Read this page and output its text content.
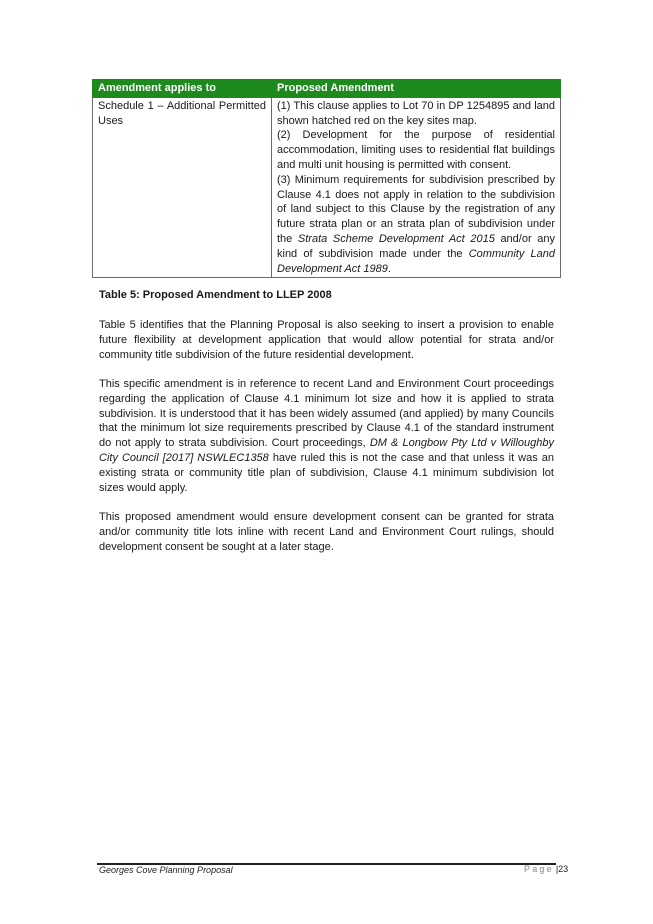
Amendment applies to	Proposed Amendment
Schedule 1 – Additional Permitted Uses	(1) This clause applies to Lot 70 in DP 1254895 and land shown hatched red on the key sites map.

(2) Development for the purpose of residential accommodation, limiting uses to residential flat buildings and multi unit housing is permitted with consent.

(3) Minimum requirements for subdivision prescribed by Clause 4.1 does not apply in relation to the subdivision of land subject to this Clause by the registration of any future strata plan or an strata plan of subdivision under the Strata Scheme Development Act 2015 and/or any kind of subdivision made under the Community Land Development Act 1989.

Table 5: Proposed Amendment to LLEP 2008

Table 5 identifies that the Planning Proposal is also seeking to insert a provision to enable future flexibility at development application that would allow potential for strata and/or community title subdivision of the future residential development.

This specific amendment is in reference to recent Land and Environment Court proceedings regarding the application of Clause 4.1 minimum lot size and how it is applied to strata subdivision. It is understood that it has been widely assumed (and applied) by many Councils that the minimum lot size requirements prescribed by Clause 4.1 of the standard instrument do not apply to strata subdivision. Court proceedings, DM & Longbow Pty Ltd v Willoughby City Council [2017] NSWLEC1358 have ruled this is not the case and that unless it was an existing strata or community title plan of subdivision, Clause 4.1 minimum subdivision lot sizes would apply.

This proposed amendment would ensure development consent can be granted for strata and/or community title lots inline with recent Land and Environment Court rulings, should development consent be sought at a later stage.

Georges Cove Planning Proposal	Page |23
